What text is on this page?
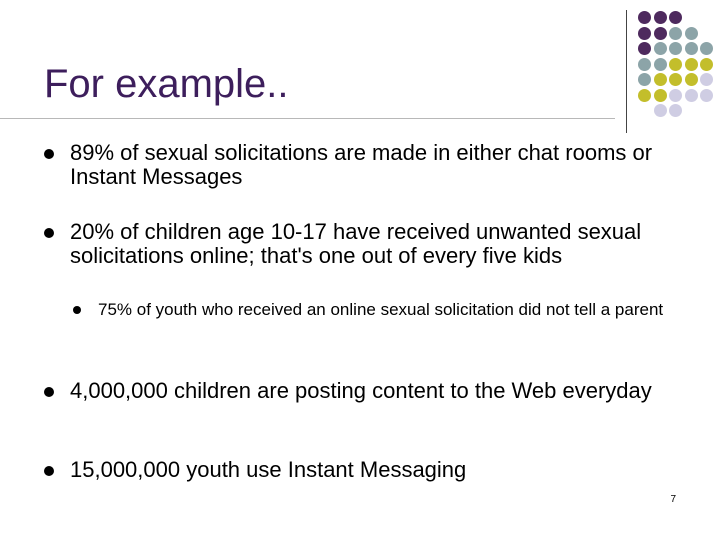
For example..
89% of sexual solicitations are made in either chat rooms or Instant Messages
20% of children age 10-17 have received unwanted sexual solicitations online; that's one out of every five kids
75% of youth who received an online sexual solicitation did not tell a parent
4,000,000 children are posting content to the Web everyday
15,000,000 youth use Instant Messaging
7
